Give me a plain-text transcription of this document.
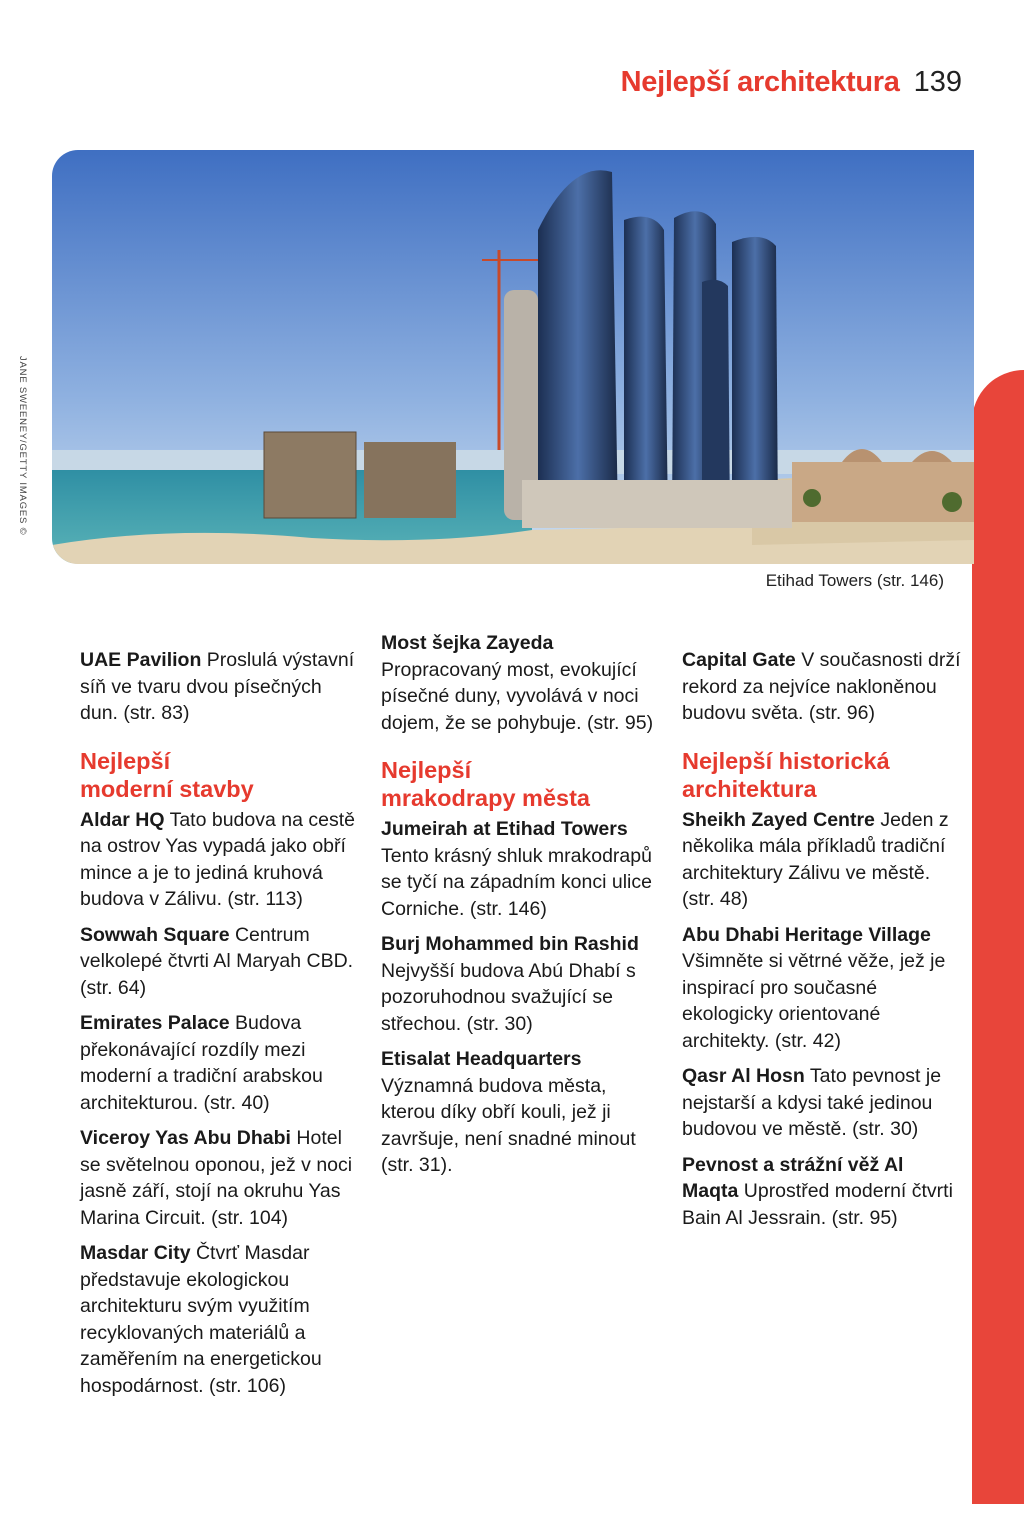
Nejlepší architektura 139
JANE SWEENEY/GETTY IMAGES ©
Etihad Towers (str. 146)

UAE Pavilion Proslulá výstavní síň ve tvaru dvou písečných dun. (str. 83)

Nejlepší
moderní stavby

Aldar HQ Tato budova na cestě na ostrov Yas vypadá jako obří mince a je to jediná kruhová budova v Zálivu. (str. 113)

Sowwah Square Centrum velkolepé čtvrti Al Maryah CBD. (str. 64)

Emirates Palace Budova překonávající rozdíly mezi moderní a tradiční arabskou architekturou. (str. 40)

Viceroy Yas Abu Dhabi Hotel se světelnou oponou, jež v noci jasně září, stojí na okruhu Yas Marina Circuit. (str. 104)

Masdar City Čtvrť Masdar představuje ekologickou architekturu svým využitím recyklovaných materiálů a zaměřením na energetickou hospodárnost. (str. 106)

Most šejka Zayeda Propracovaný most, evokující písečné duny, vyvolává v noci dojem, že se pohybuje. (str. 95)

Nejlepší
mrakodrapy města

Jumeirah at Etihad Towers Tento krásný shluk mrakodrapů se tyčí na západním konci ulice Corniche. (str. 146)

Burj Mohammed bin Rashid Nejvyšší budova Abú Dhabí s pozoruhodnou svažující se střechou. (str. 30)

Etisalat Headquarters Významná budova města, kterou díky obří kouli, jež ji završuje, není snadné minout (str. 31).

Capital Gate V současnosti drží rekord za nejvíce nakloněnou budovu světa. (str. 96)

Nejlepší historická
architektura

Sheikh Zayed Centre Jeden z několika mála příkladů tradiční architektury Zálivu ve městě. (str. 48)

Abu Dhabi Heritage Village Všimněte si větrné věže, jež je inspirací pro současné ekologicky orientované architekty. (str. 42)

Qasr Al Hosn Tato pevnost je nejstarší a kdysi také jedinou budovou ve městě. (str. 30)

Pevnost a strážní věž Al Maqta Uprostřed moderní čtvrti Bain Al Jessrain. (str. 95)
